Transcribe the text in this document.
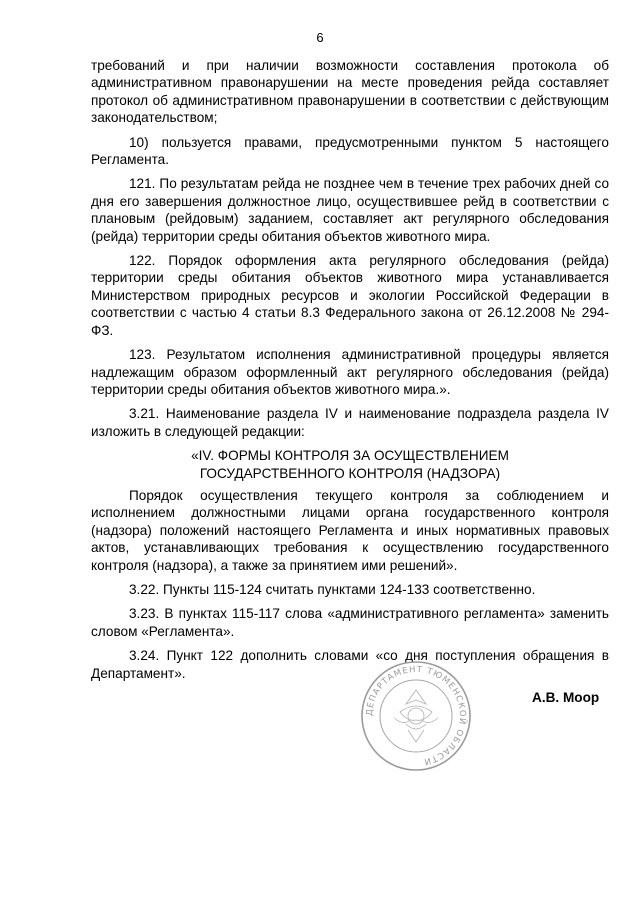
6

требований и при наличии возможности составления протокола об административном правонарушении на месте проведения рейда составляет протокол об административном правонарушении в соответствии с действующим законодательством;

10) пользуется правами, предусмотренными пунктом 5 настоящего Регламента.

121. По результатам рейда не позднее чем в течение трех рабочих дней со дня его завершения должностное лицо, осуществившее рейд в соответствии с плановым (рейдовым) заданием, составляет акт регулярного обследования (рейда) территории среды обитания объектов животного мира.

122. Порядок оформления акта регулярного обследования (рейда) территории среды обитания объектов животного мира устанавливается Министерством природных ресурсов и экологии Российской Федерации в соответствии с частью 4 статьи 8.3 Федерального закона от 26.12.2008 № 294-ФЗ.

123. Результатом исполнения административной процедуры является надлежащим образом оформленный акт регулярного обследования (рейда) территории среды обитания объектов животного мира.».

3.21. Наименование раздела IV и наименование подраздела раздела IV изложить в следующей редакции:

«IV. ФОРМЫ КОНТРОЛЯ ЗА ОСУЩЕСТВЛЕНИЕМ
ГОСУДАРСТВЕННОГО КОНТРОЛЯ (НАДЗОРА)

Порядок осуществления текущего контроля за соблюдением и исполнением должностными лицами органа государственного контроля (надзора) положений настоящего Регламента и иных нормативных правовых актов, устанавливающих требования к осуществлению государственного контроля (надзора), а также за принятием ими решений».

3.22. Пункты 115-124 считать пунктами 124-133 соответственно.

3.23. В пунктах 115-117 слова «административного регламента» заменить словом «Регламента».

3.24. Пункт 122 дополнить словами «со дня поступления обращения в Департамент».

ДЕПАРТАМЕНТ ТЮМЕНСКОЙ ОБЛАСТИ
А.В. Моор
